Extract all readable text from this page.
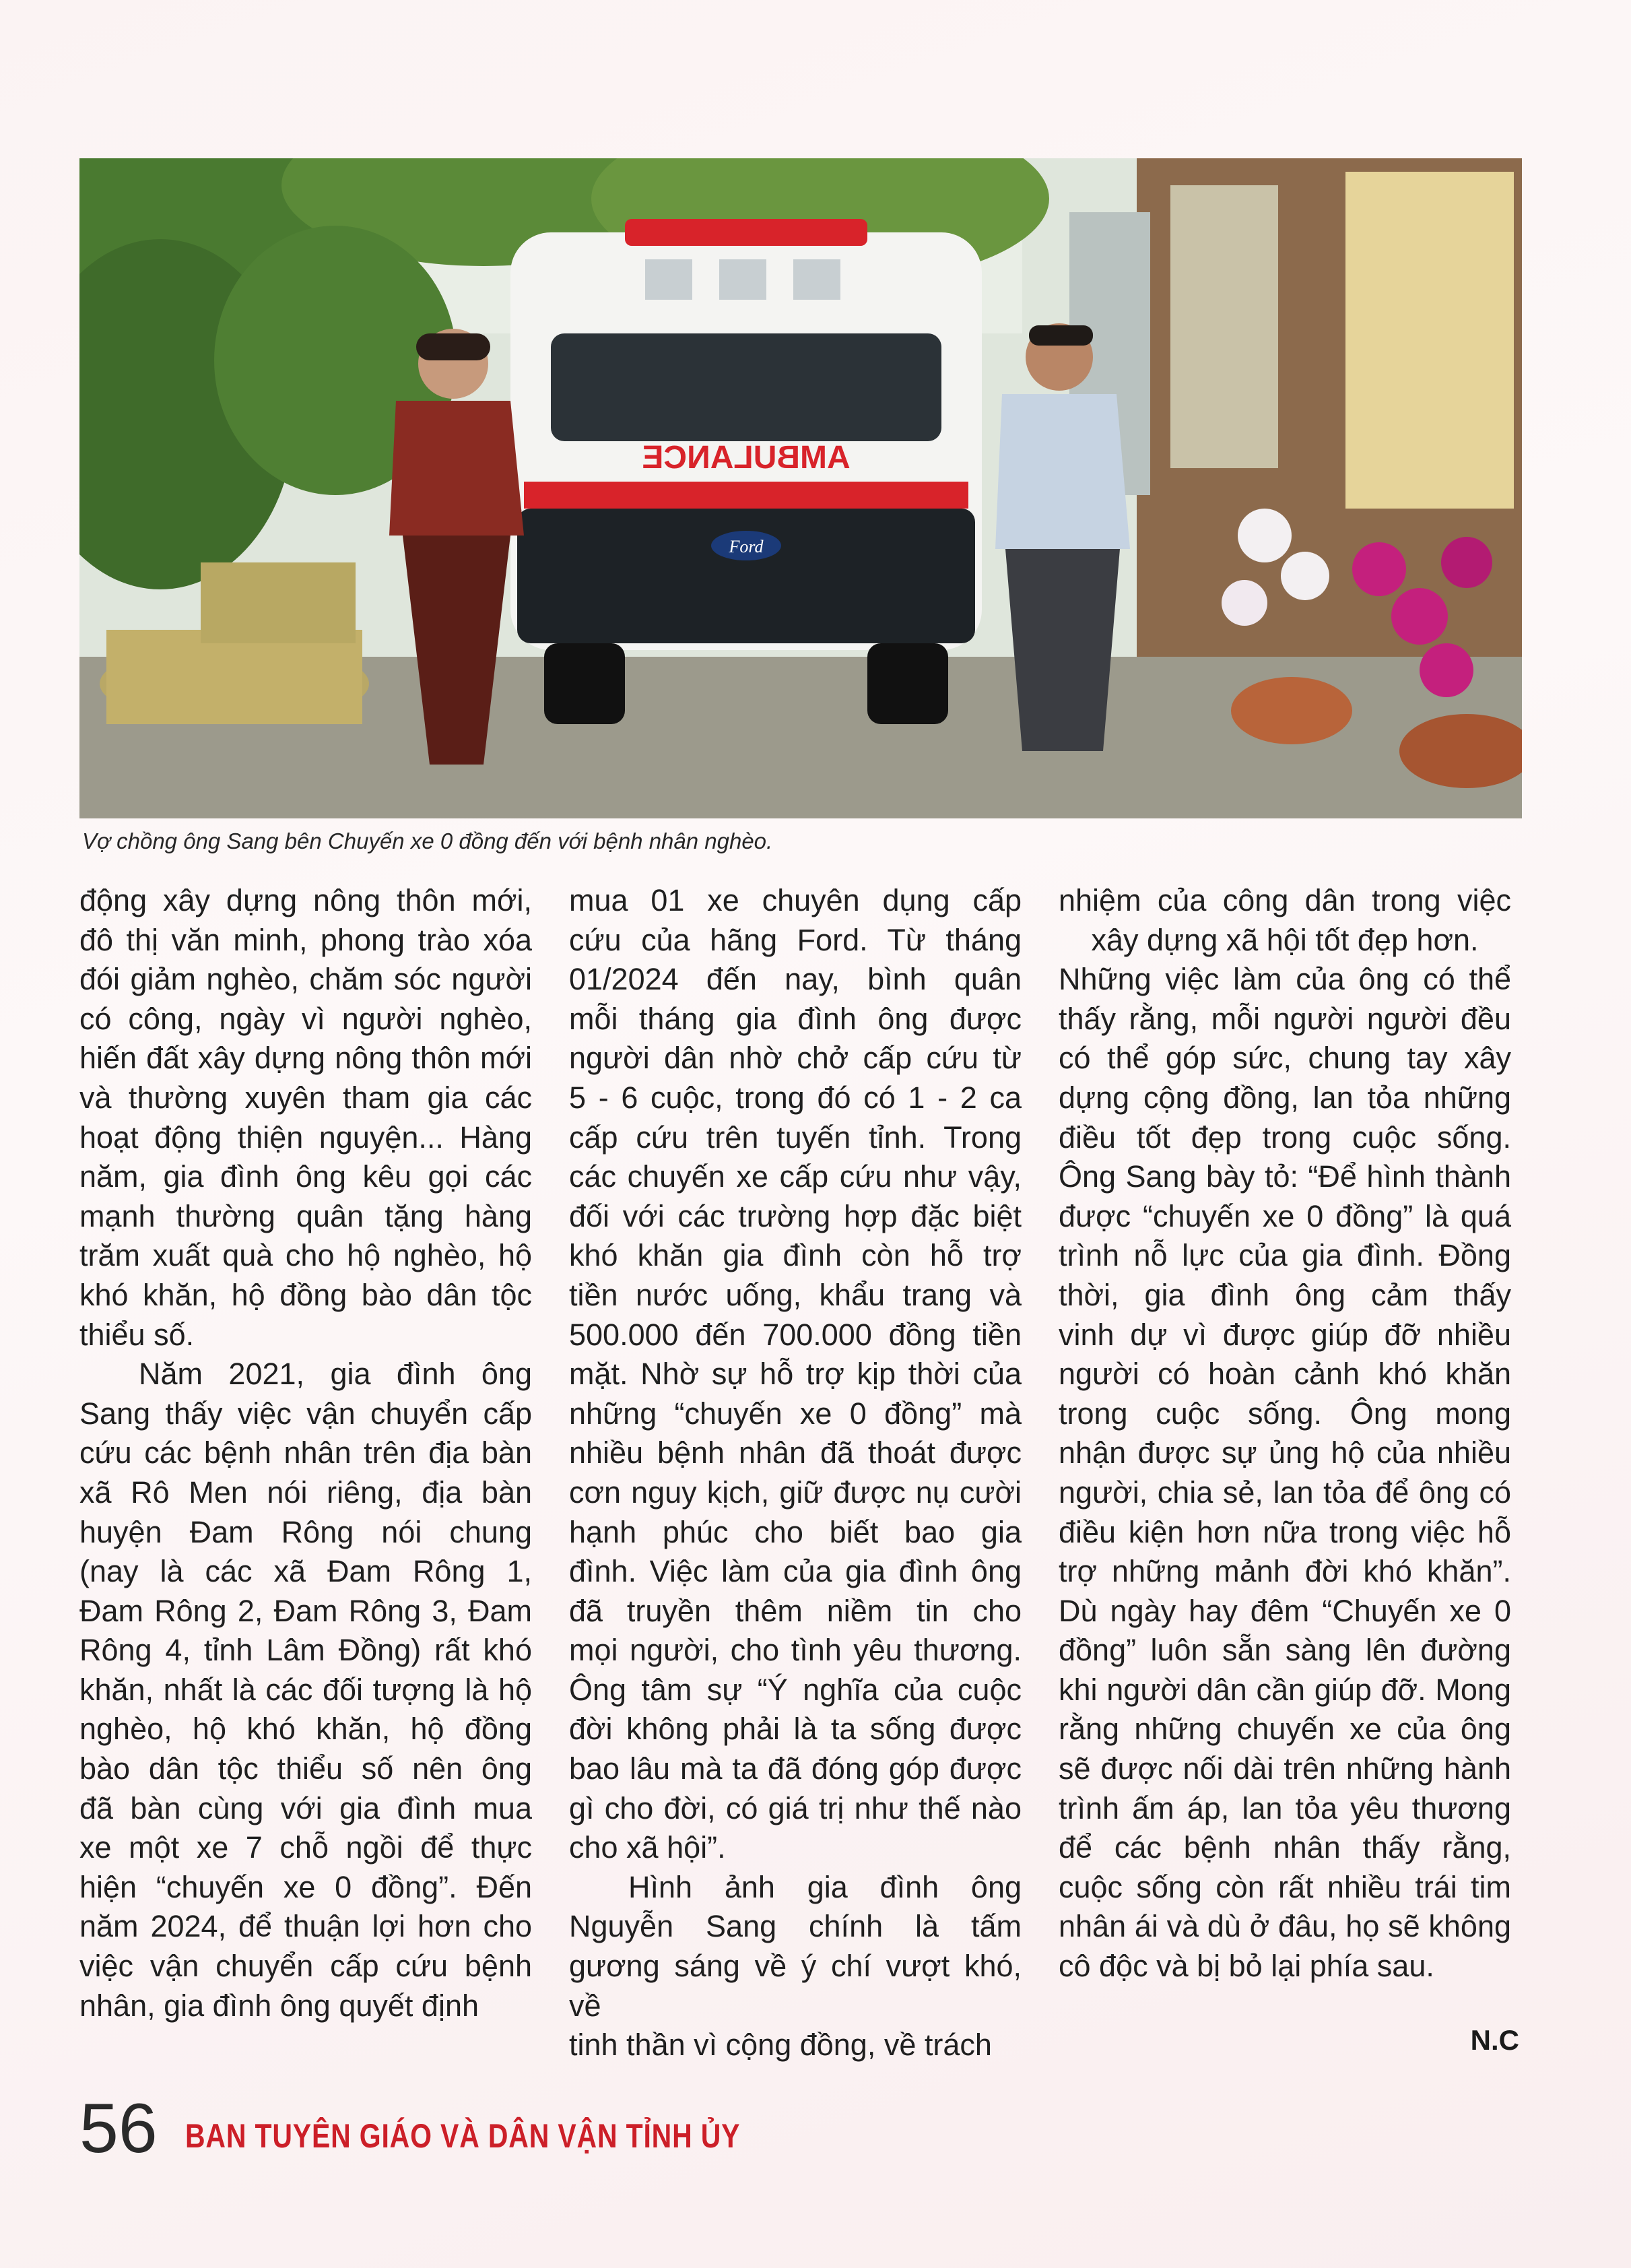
AMBULANCE
Ford
Vợ chồng ông Sang bên Chuyến xe 0 đồng đến với bệnh nhân nghèo.

động xây dựng nông thôn mới,

đô thị văn minh, phong trào xóa

đói giảm nghèo, chăm sóc người

có công, ngày vì người nghèo,

hiến đất xây dựng nông thôn mới

và thường xuyên tham gia các

hoạt động thiện nguyện... Hàng

năm, gia đình ông kêu gọi các

mạnh thường quân tặng hàng

trăm xuất quà cho hộ nghèo, hộ

khó khăn, hộ đồng bào dân tộc

thiểu số.

Năm 2021, gia đình ông

Sang thấy việc vận chuyển cấp

cứu các bệnh nhân trên địa bàn

xã Rô Men nói riêng, địa bàn

huyện Đam Rông nói chung

(nay là các xã Đam Rông 1,

Đam Rông 2, Đam Rông 3, Đam

Rông 4, tỉnh Lâm Đồng) rất khó

khăn, nhất là các đối tượng là hộ

nghèo, hộ khó khăn, hộ đồng

bào dân tộc thiểu số nên ông

đã bàn cùng với gia đình mua

xe một xe 7 chỗ ngồi để thực

hiện “chuyến xe 0 đồng”. Đến

năm 2024, để thuận lợi hơn cho

việc vận chuyển cấp cứu bệnh

nhân, gia đình ông quyết định

mua 01 xe chuyên dụng cấp

cứu của hãng Ford. Từ tháng

01/2024 đến nay, bình quân

mỗi tháng gia đình ông được

người dân nhờ chở cấp cứu từ

5 - 6 cuộc, trong đó có 1 - 2 ca

cấp cứu trên tuyến tỉnh. Trong

các chuyến xe cấp cứu như vậy,

đối với các trường hợp đặc biệt

khó khăn gia đình còn hỗ trợ

tiền nước uống, khẩu trang và

500.000 đến 700.000 đồng tiền

mặt. Nhờ sự hỗ trợ kịp thời của

những “chuyến xe 0 đồng” mà

nhiều bệnh nhân đã thoát được

cơn nguy kịch, giữ được nụ cười

hạnh phúc cho biết bao gia

đình. Việc làm của gia đình ông

đã truyền thêm niềm tin cho

mọi người, cho tình yêu thương.

Ông tâm sự “Ý nghĩa của cuộc

đời không phải là ta sống được

bao lâu mà ta đã đóng góp được

gì cho đời, có giá trị như thế nào

cho xã hội”.

Hình ảnh gia đình ông

Nguyễn Sang chính là tấm

gương sáng về ý chí vượt khó, về

tinh thần vì cộng đồng, về trách

nhiệm của công dân trong việc

xây dựng xã hội tốt đẹp hơn.

Những việc làm của ông có thể

thấy rằng, mỗi người người đều

có thể góp sức, chung tay xây

dựng cộng đồng, lan tỏa những

điều tốt đẹp trong cuộc sống.

Ông Sang bày tỏ: “Để hình thành

được “chuyến xe 0 đồng” là quá

trình nỗ lực của gia đình. Đồng

thời, gia đình ông cảm thấy

vinh dự vì được giúp đỡ nhiều

người có hoàn cảnh khó khăn

trong cuộc sống. Ông mong

nhận được sự ủng hộ của nhiều

người, chia sẻ, lan tỏa để ông có

điều kiện hơn nữa trong việc hỗ

trợ những mảnh đời khó khăn”.

Dù ngày hay đêm “Chuyến xe 0

đồng” luôn sẵn sàng lên đường

khi người dân cần giúp đỡ. Mong

rằng những chuyến xe của ông

sẽ được nối dài trên những hành

trình ấm áp, lan tỏa yêu thương

để các bệnh nhân thấy rằng,

cuộc sống còn rất nhiều trái tim

nhân ái và dù ở đâu, họ sẽ không

cô độc và bị bỏ lại phía sau.

N.C
56 BAN TUYÊN GIÁO VÀ DÂN VẬN TỈNH ỦY
